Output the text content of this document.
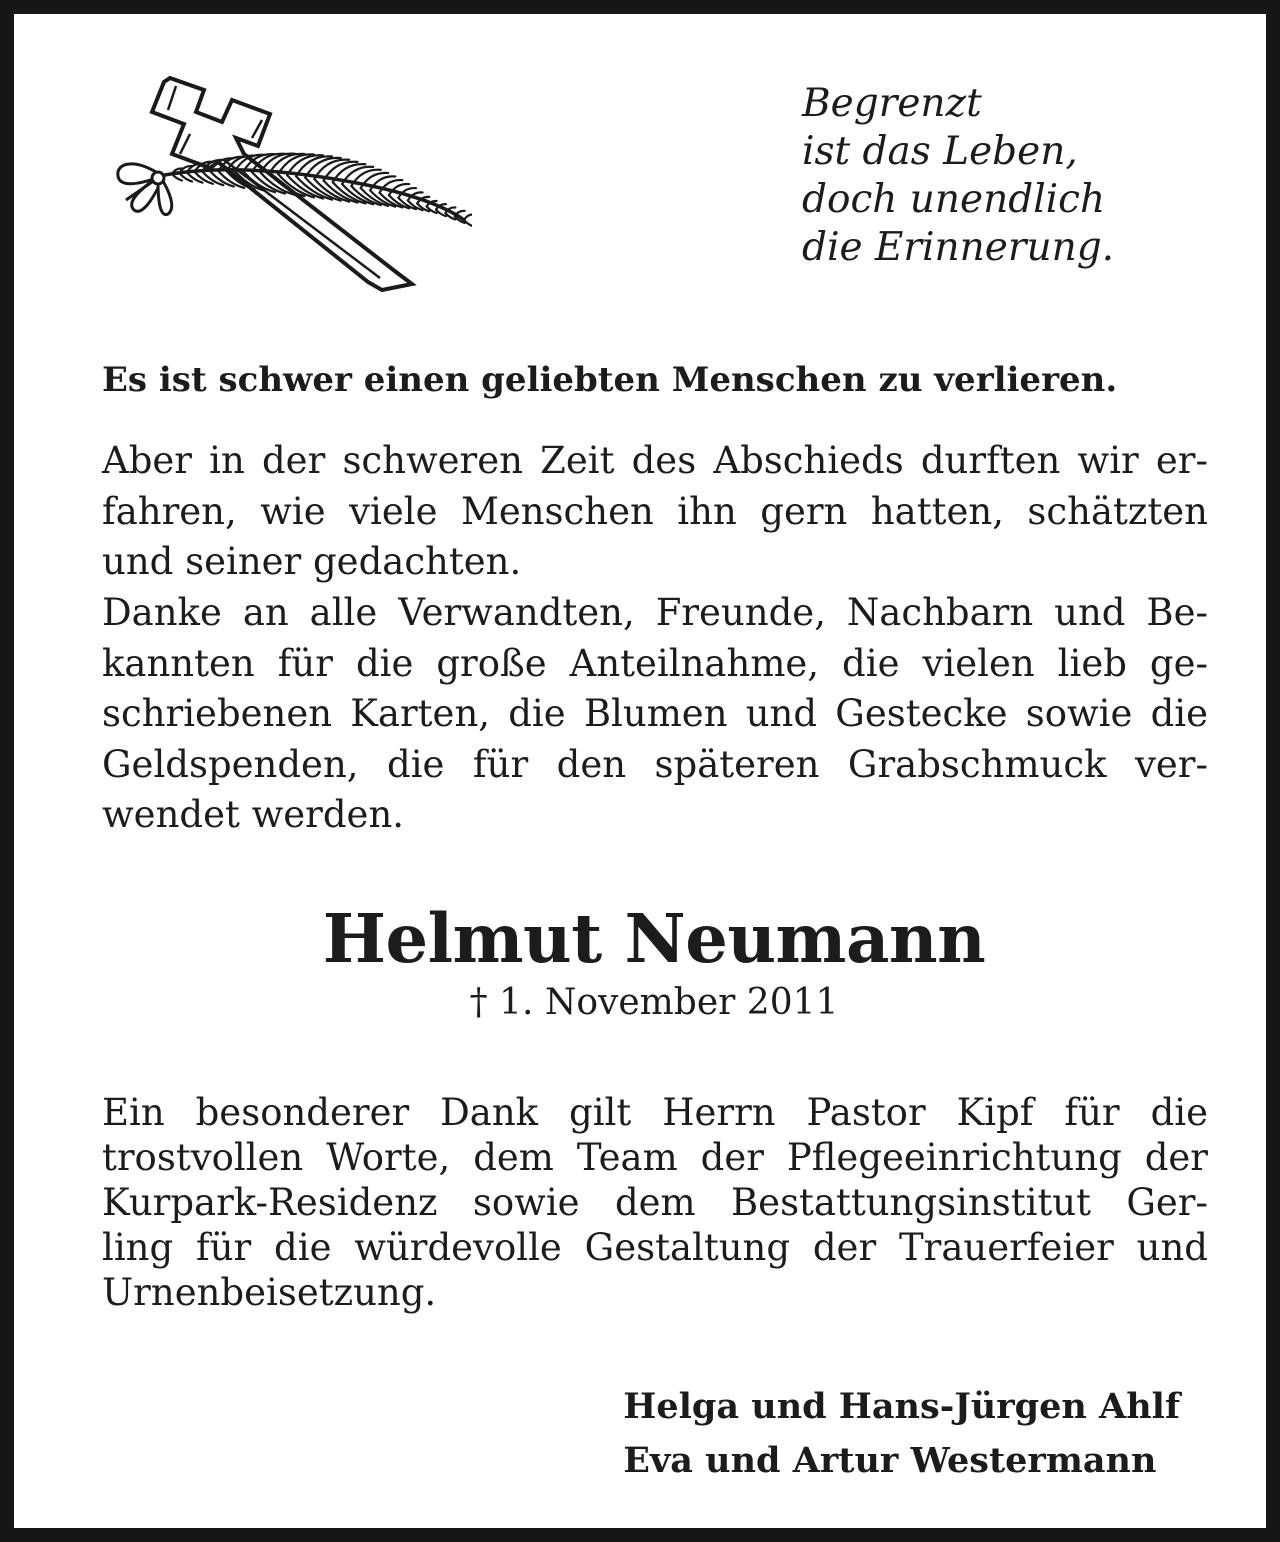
Begrenzt
ist das Leben,
doch unendlich
die Erinnerung.
Es ist schwer einen geliebten Menschen zu verlieren.
Aber in der schweren Zeit des Abschieds durften wir er-
fahren, wie viele Menschen ihn gern hatten, schätzten
und seiner gedachten.
Danke an alle Verwandten, Freunde, Nachbarn und Be-
kannten für die große Anteilnahme, die vielen lieb ge-
schriebenen Karten, die Blumen und Gestecke sowie die
Geldspenden, die für den späteren Grabschmuck ver-
wendet werden.
Helmut Neumann
† 1. November 2011
Ein besonderer Dank gilt Herrn Pastor Kipf für die
trostvollen Worte, dem Team der Pflegeeinrichtung der
Kurpark-Residenz sowie dem Bestattungsinstitut Ger-
ling für die würdevolle Gestaltung der Trauerfeier und
Urnenbeisetzung.
Helga und Hans-Jürgen Ahlf
Eva und Artur Westermann
